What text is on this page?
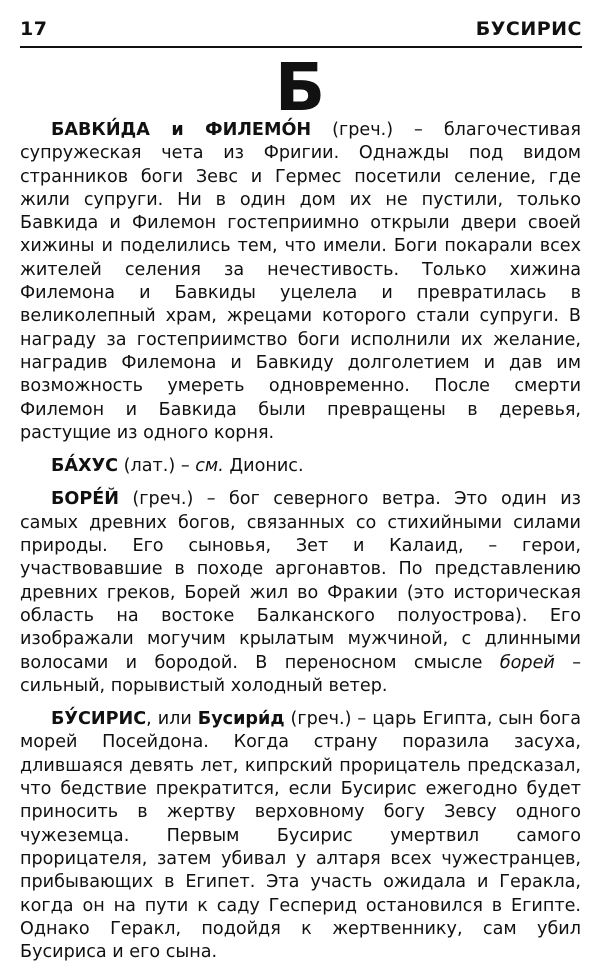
17	БУСИРИС
Б

БАВКИ́ДА и ФИЛЕМО́Н (греч.) – благочестивая супружеская чета из Фригии. Однажды под видом странников боги Зевс и Гермес посетили селение, где жили супруги. Ни в один дом их не пустили, только Бавкида и Филемон гостеприимно открыли двери своей хижины и поделились тем, что имели. Боги покарали всех жителей селения за нечестивость. Только хижина Филемона и Бавкиды уцелела и превратилась в великолепный храм, жрецами которого стали супруги. В награду за гостеприимство боги исполнили их желание, наградив Филемона и Бавкиду долголетием и дав им возможность умереть одновременно. После смерти Филемон и Бавкида были превращены в деревья, растущие из одного корня.

БА́ХУС (лат.) – см. Дионис.

БОРЕ́Й (греч.) – бог северного ветра. Это один из самых древних богов, связанных со стихийными силами природы. Его сыновья, Зет и Калаид, – герои, участвовавшие в походе аргонавтов. По представлению древних греков, Борей жил во Фракии (это историческая область на востоке Балканского полуострова). Его изображали могучим крылатым мужчиной, с длинными волосами и бородой. В переносном смысле борей – сильный, порывистый холодный ветер.

БУ́СИРИС, или Бусири́д (греч.) – царь Египта, сын бога морей Посейдона. Когда страну поразила засуха, длившаяся девять лет, кипрский прорицатель предсказал, что бедствие прекратится, если Бусирис ежегодно будет приносить в жертву верховному богу Зевсу одного чужеземца. Первым Бусирис умертвил самого прорицателя, затем убивал у алтаря всех чужестранцев, прибывающих в Египет. Эта участь ожидала и Геракла, когда он на пути к саду Гесперид остановился в Египте. Однако Геракл, подойдя к жертвеннику, сам убил Бусириса и его сына.
